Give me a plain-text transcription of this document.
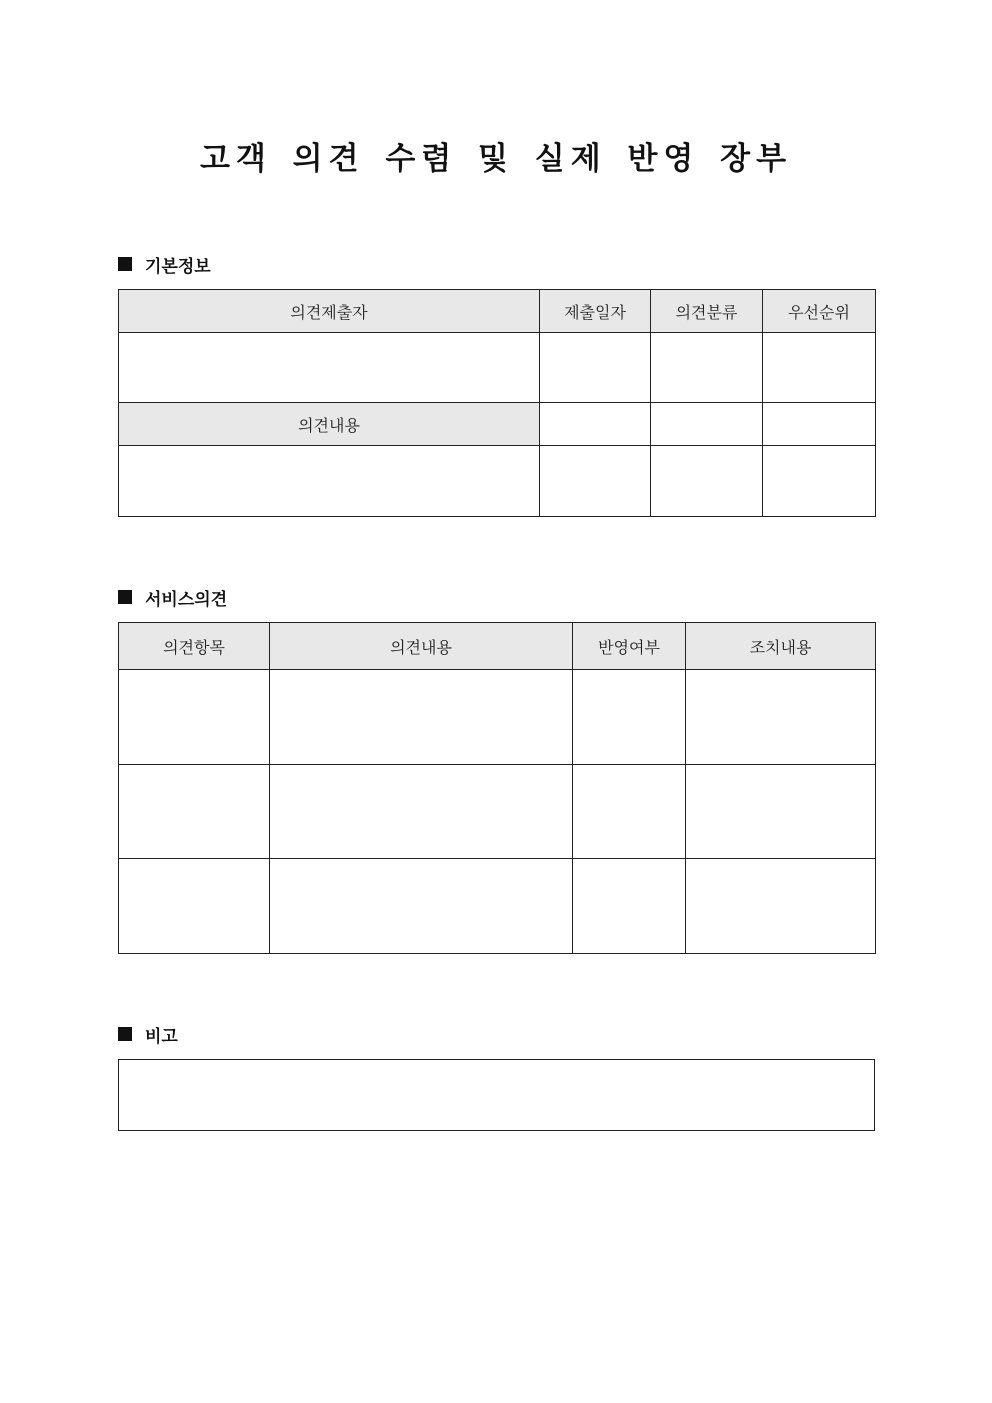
고객 의견 수렴 및 실제 반영 장부
기본정보
의견제출자	제출일자	의견분류	우선순위

의견내용			

서비스의견
의견항목	의견내용	반영여부	조치내용

비고
